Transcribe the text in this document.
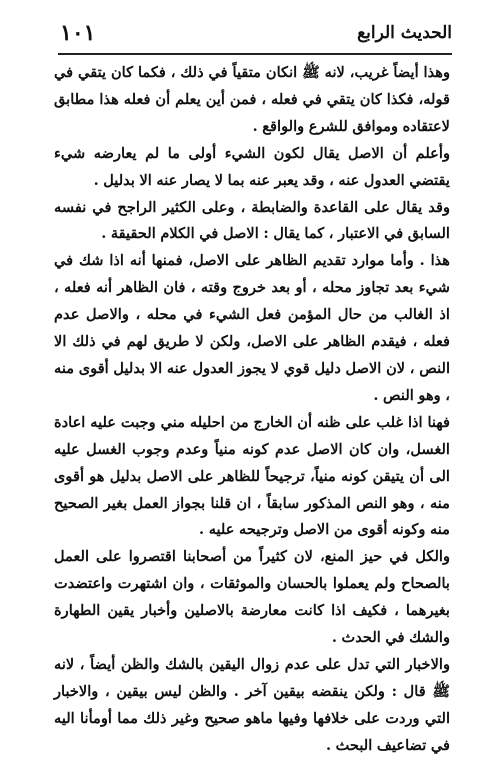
١٠١	الحديث الرابع

وهذا أيضاً غريب، لانه ﷺ انكان متقياً في ذلك ، فكما كان يتقي في قوله، فكذا كان يتقي في فعله ، فمن أين يعلم أن فعله هذا مطابق لاعتقاده وموافق للشرع والواقع .

وأعلم أن الاصل يقال لكون الشيء أولى ما لم يعارضه شيء يقتضي العدول عنه ، وقد يعبر عنه بما لا يصار عنه الا بدليل .

وقد يقال على القاعدة والضابطة ، وعلى الكثير الراجح في نفسه السابق في الاعتبار ، كما يقال : الاصل في الكلام الحقيقة .

هذا . وأما موارد تقديم الظاهر على الاصل، فمنها أنه اذا شك في شيء بعد تجاوز محله ، أو بعد خروج وقته ، فان الظاهر أنه فعله ، اذ الغالب من حال المؤمن فعل الشيء في محله ، والاصل عدم فعله ، فيقدم الظاهر على الاصل، ولكن لا طريق لهم في ذلك الا النص ، لان الاصل دليل قوي لا يجوز العدول عنه الا بدليل أقوى منه ، وهو النص .

فهنا اذا غلب على ظنه أن الخارج من احليله مني وجبت عليه اعادة الغسل، وان كان الاصل عدم كونه منياً وعدم وجوب الغسل عليه الى أن يتيقن كونه منياً، ترجيحاً للظاهر على الاصل بدليل هو أقوى منه ، وهو النص المذكور سابقاً ، ان قلنا بجواز العمل بغير الصحيح منه وكونه أقوى من الاصل وترجيحه عليه .

والكل في حيز المنع، لان كثيراً من أصحابنا اقتصروا على العمل بالصحاح ولم يعملوا بالحسان والموثقات ، وان اشتهرت واعتضدت بغيرهما ، فكيف اذا كانت معارضة بالاصلين وأخبار يقين الطهارة والشك في الحدث .

والاخبار التي تدل على عدم زوال اليقين بالشك والظن أيضاً ، لانه ﷺ قال : ولكن ينقضه بيقين آخر . والظن ليس بيقين ، والاخبار التي وردت على خلافها وفيها ماهو صحيح وغير ذلك مما أومأنا اليه في تضاعيف البحث .
